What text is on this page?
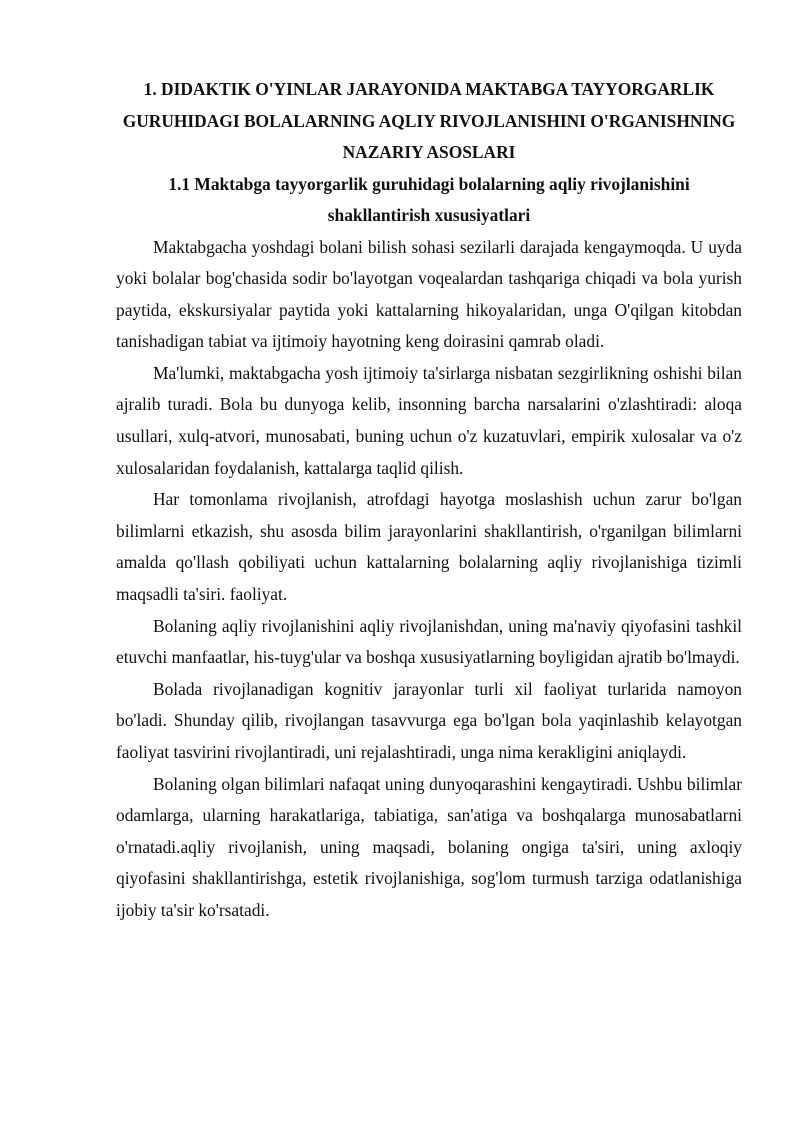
1. DIDAKTIK O'YINLAR JARAYONIDA MAKTABGA TAYYORGARLIK GURUHIDAGI BOLALARNING AQLIY RIVOJLANISHINI O'RGANISHNING NAZARIY ASOSLARI
1.1 Maktabga tayyorgarlik guruhidagi bolalarning aqliy rivojlanishini shakllantirish xususiyatlari

Maktabgacha yoshdagi bolani bilish sohasi sezilarli darajada kengaymoqda. U uyda yoki bolalar bog'chasida sodir bo'layotgan voqealardan tashqariga chiqadi va bola yurish paytida, ekskursiyalar paytida yoki kattalarning hikoyalaridan, unga O'qilgan kitobdan tanishadigan tabiat va ijtimoiy hayotning keng doirasini qamrab oladi.

Ma'lumki, maktabgacha yosh ijtimoiy ta'sirlarga nisbatan sezgirlikning oshishi bilan ajralib turadi. Bola bu dunyoga kelib, insonning barcha narsalarini o'zlashtiradi: aloqa usullari, xulq-atvori, munosabati, buning uchun o'z kuzatuvlari, empirik xulosalar va o'z xulosalaridan foydalanish, kattalarga taqlid qilish.

Har tomonlama rivojlanish, atrofdagi hayotga moslashish uchun zarur bo'lgan bilimlarni etkazish, shu asosda bilim jarayonlarini shakllantirish, o'rganilgan bilimlarni amalda qo'llash qobiliyati uchun kattalarning bolalarning aqliy rivojlanishiga tizimli maqsadli ta'siri. faoliyat.

Bolaning aqliy rivojlanishini aqliy rivojlanishdan, uning ma'naviy qiyofasini tashkil etuvchi manfaatlar, his-tuyg'ular va boshqa xususiyatlarning boyligidan ajratib bo'lmaydi.

Bolada rivojlanadigan kognitiv jarayonlar turli xil faoliyat turlarida namoyon bo'ladi. Shunday qilib, rivojlangan tasavvurga ega bo'lgan bola yaqinlashib kelayotgan faoliyat tasvirini rivojlantiradi, uni rejalashtiradi, unga nima kerakligini aniqlaydi.

Bolaning olgan bilimlari nafaqat uning dunyoqarashini kengaytiradi. Ushbu bilimlar odamlarga, ularning harakatlariga, tabiatiga, san'atiga va boshqalarga munosabatlarni o'rnatadi.aqliy rivojlanish, uning maqsadi, bolaning ongiga ta'siri, uning axloqiy qiyofasini shakllantirishga, estetik rivojlanishiga, sog'lom turmush tarziga odatlanishiga ijobiy ta'sir ko'rsatadi.
